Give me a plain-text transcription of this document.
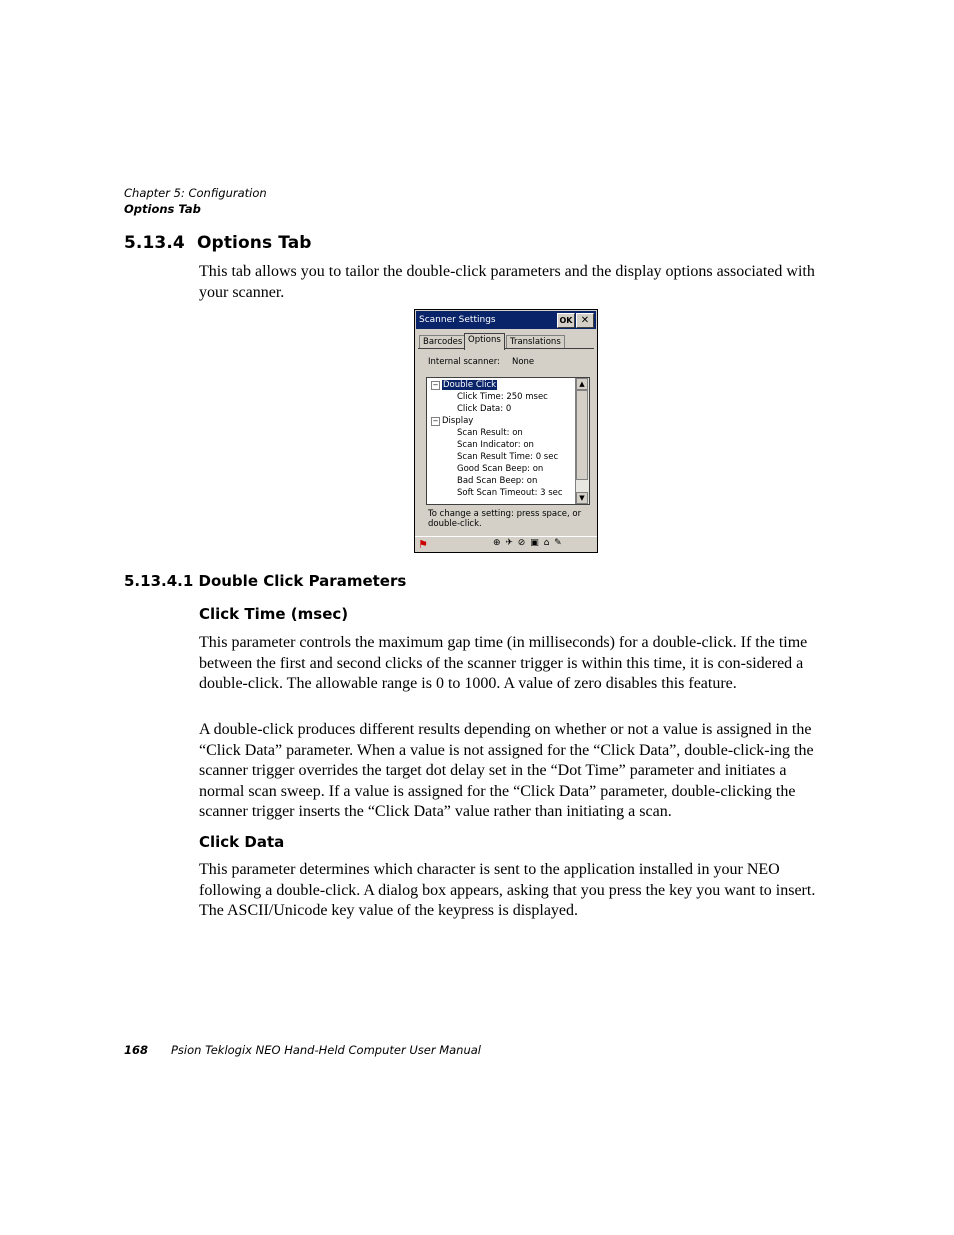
Chapter 5: Configuration
Options Tab
5.13.4 Options Tab

This tab allows you to tailor the double-click parameters and the display options associated with your scanner.

Scanner Settings	OK ✕
Barcodes Options	Translations
Internal scanner: None
− Double Click
Click Time: 250 msec
Click Data: 0
− Display
Scan Result: on
Scan Indicator: on
Scan Result Time: 0 sec
Good Scan Beep: on
Bad Scan Beep: on
Soft Scan Timeout: 3 sec
▲
▼
To change a setting: press space, or double-click.
⚑	⊕ ✈ ⊘ ▣ ⌂ ✎
5.13.4.1 Double Click Parameters
Click Time (msec)

This parameter controls the maximum gap time (in milliseconds) for a double-click. If the time between the first and second clicks of the scanner trigger is within this time, it is con-sidered a double-click. The allowable range is 0 to 1000. A value of zero disables this feature.

A double-click produces different results depending on whether or not a value is assigned in the “Click Data” parameter. When a value is not assigned for the “Click Data”, double-click-ing the scanner trigger overrides the target dot delay set in the “Dot Time” parameter and initiates a normal scan sweep. If a value is assigned for the “Click Data” parameter, double-clicking the scanner trigger inserts the “Click Data” value rather than initiating a scan.

Click Data

This parameter determines which character is sent to the application installed in your NEO following a double-click. A dialog box appears, asking that you press the key you want to insert. The ASCII/Unicode key value of the keypress is displayed.

168 Psion Teklogix NEO Hand-Held Computer User Manual
